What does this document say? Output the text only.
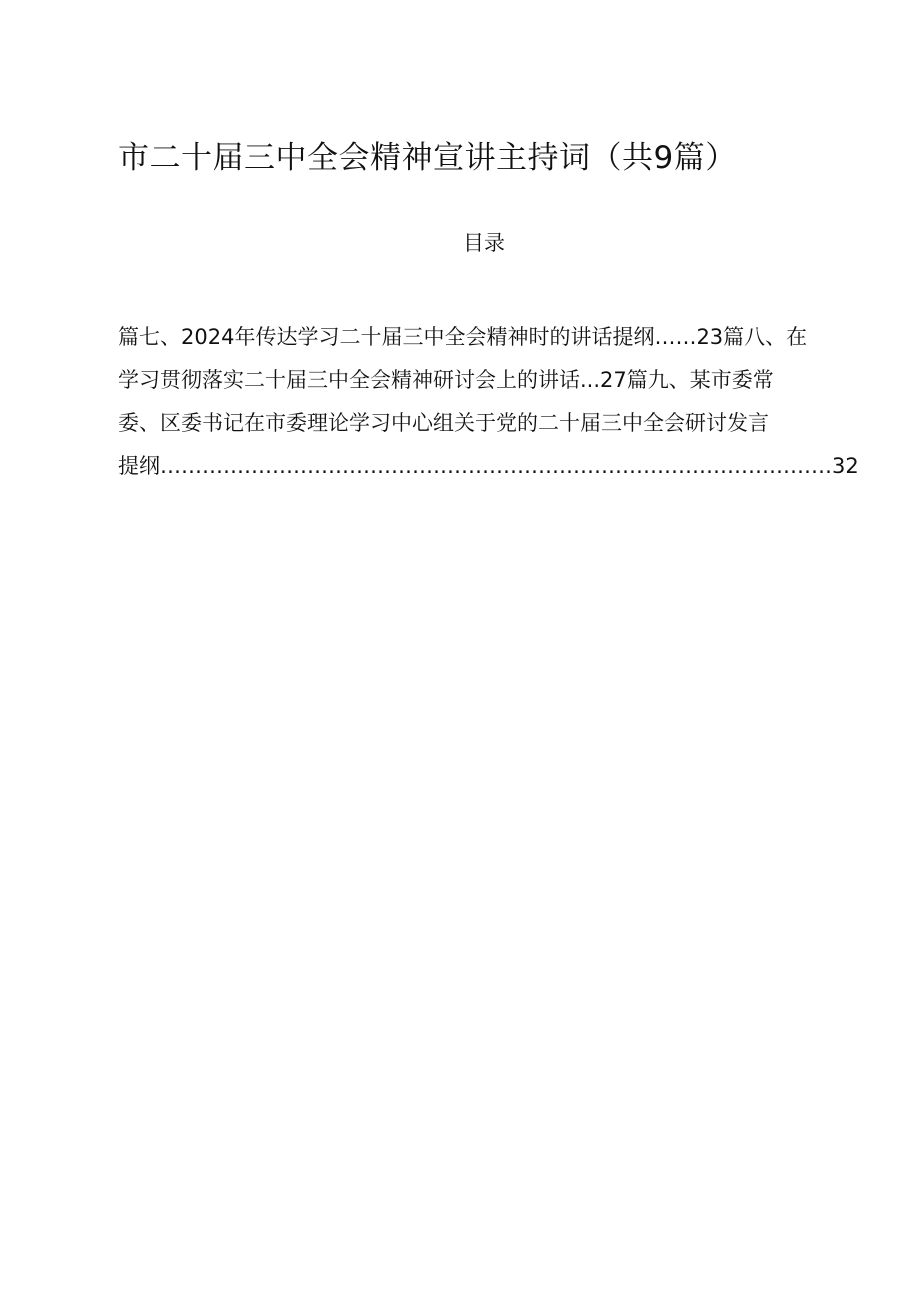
市二十届三中全会精神宣讲主持词（共9篇）
目录
篇七、2024年传达学习二十届三中全会精神时的讲话提纲……23篇八、在
学习贯彻落实二十届三中全会精神研讨会上的讲话...27篇九、某市委常
委、区委书记在市委理论学习中心组关于党的二十届三中全会研讨发言
提纲……………………………………………………………………………………32
